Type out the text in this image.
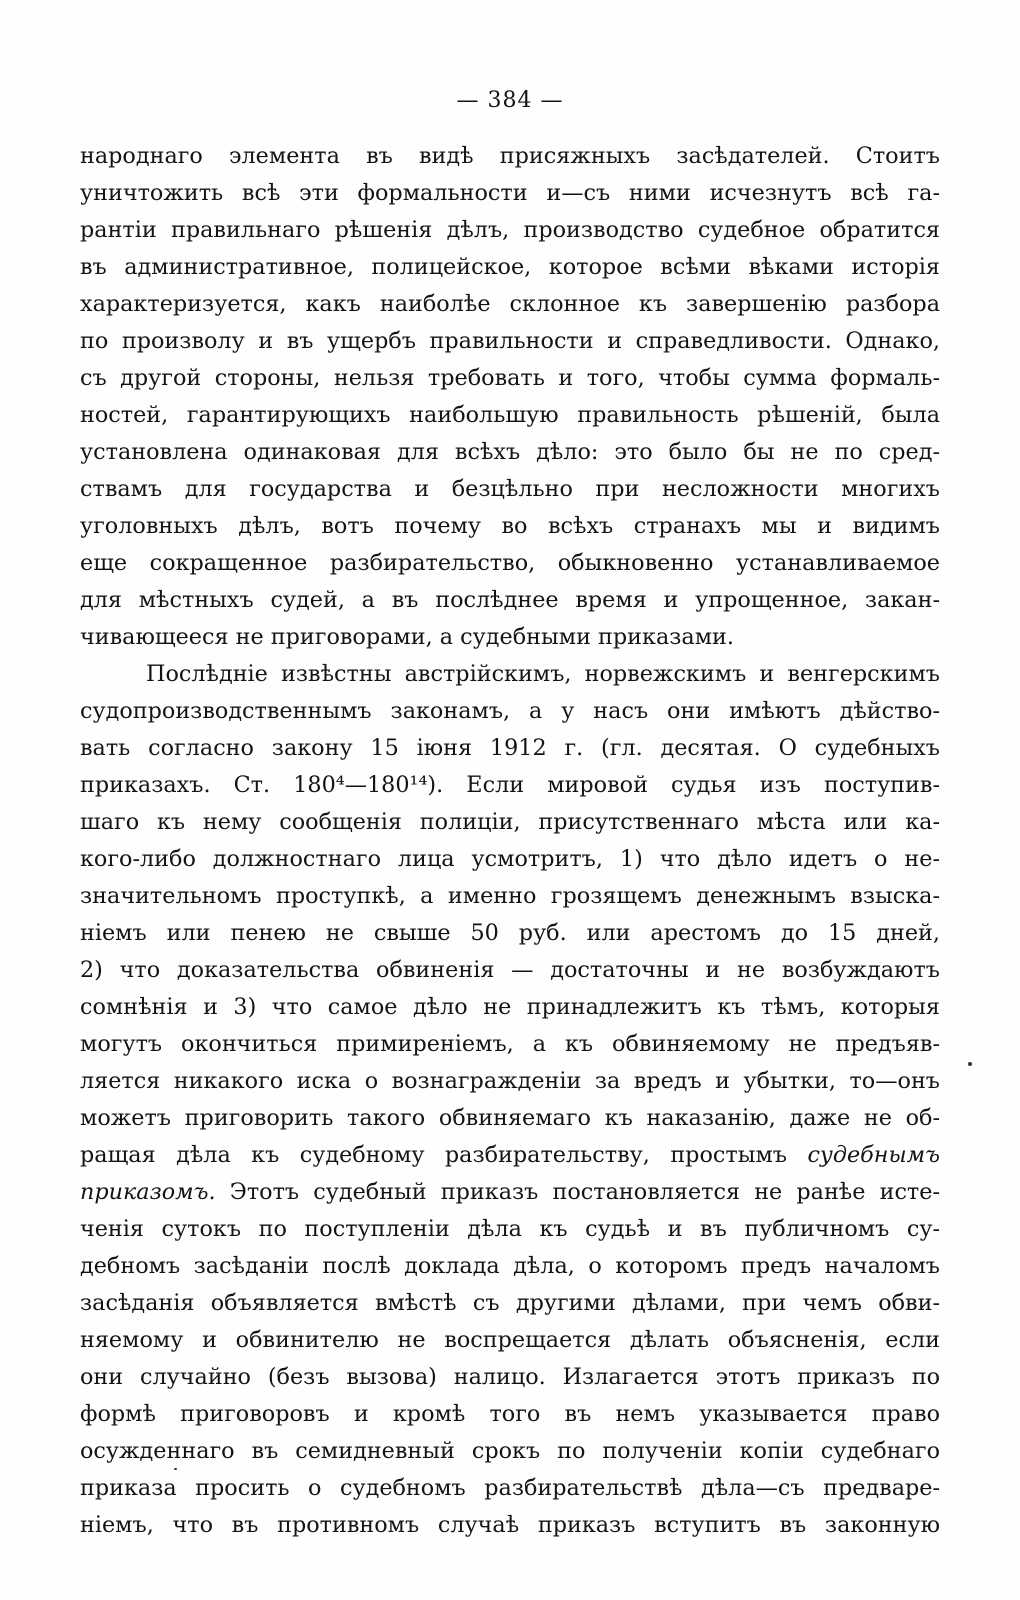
— 384 —
народнаго элемента въ видѣ присяжныхъ засѣдателей. Стоитъ
уничтожить всѣ эти формальности и—съ ними исчезнутъ всѣ га-
рантіи правильнаго рѣшенія дѣлъ, производство судебное обратится
въ административное, полицейское, которое всѣми вѣками исторія
характеризуется, какъ наиболѣе склонное къ завершенію разбора
по произволу и въ ущербъ правильности и справедливости. Однако,
съ другой стороны, нельзя требовать и того, чтобы сумма формаль-
ностей, гарантирующихъ наибольшую правильность рѣшеній, была
установлена одинаковая для всѣхъ дѣло: это было бы не по сред-
ствамъ для государства и безцѣльно при несложности многихъ
уголовныхъ дѣлъ, вотъ почему во всѣхъ странахъ мы и видимъ
еще сокращенное разбирательство, обыкновенно устанавливаемое
для мѣстныхъ судей, а въ послѣднее время и упрощенное, закан-
чивающееся не приговорами, а судебными приказами.
Послѣдніе извѣстны австрійскимъ, норвежскимъ и венгерскимъ
судопроизводственнымъ законамъ, а у насъ они имѣютъ дѣйство-
вать согласно закону 15 іюня 1912 г. (гл. десятая. О судебныхъ
приказахъ. Ст. 180⁴—180¹⁴). Если мировой судья изъ поступив-
шаго къ нему сообщенія полиціи, присутственнаго мѣста или ка-
кого-либо должностнаго лица усмотритъ, 1) что дѣло идетъ о не-
значительномъ проступкѣ, а именно грозящемъ денежнымъ взыска-
ніемъ или пенею не свыше 50 руб. или арестомъ до 15 дней,
2) что доказательства обвиненія — достаточны и не возбуждаютъ
сомнѣнія и 3) что самое дѣло не принадлежитъ къ тѣмъ, которыя
могутъ окончиться примиреніемъ, а къ обвиняемому не предъяв-
ляется никакого иска о вознагражденіи за вредъ и убытки, то—онъ
можетъ приговорить такого обвиняемаго къ наказанію, даже не об-
ращая дѣла къ судебному разбирательству, простымъ судебнымъ
приказомъ. Этотъ судебный приказъ постановляется не ранѣе исте-
ченія сутокъ по поступленіи дѣла къ судьѣ и въ публичномъ су-
дебномъ засѣданіи послѣ доклада дѣла, о которомъ предъ началомъ
засѣданія объявляется вмѣстѣ съ другими дѣлами, при чемъ обви-
няемому и обвинителю не воспрещается дѣлать объясненія, если
они случайно (безъ вызова) налицо. Излагается этотъ приказъ по
формѣ приговоровъ и кромѣ того въ немъ указывается право
осужденнаго въ семидневный срокъ по полученіи копіи судебнаго
приказа просить о судебномъ разбирательствѣ дѣла—съ предваре-
ніемъ, что въ противномъ случаѣ приказъ вступитъ въ законную
